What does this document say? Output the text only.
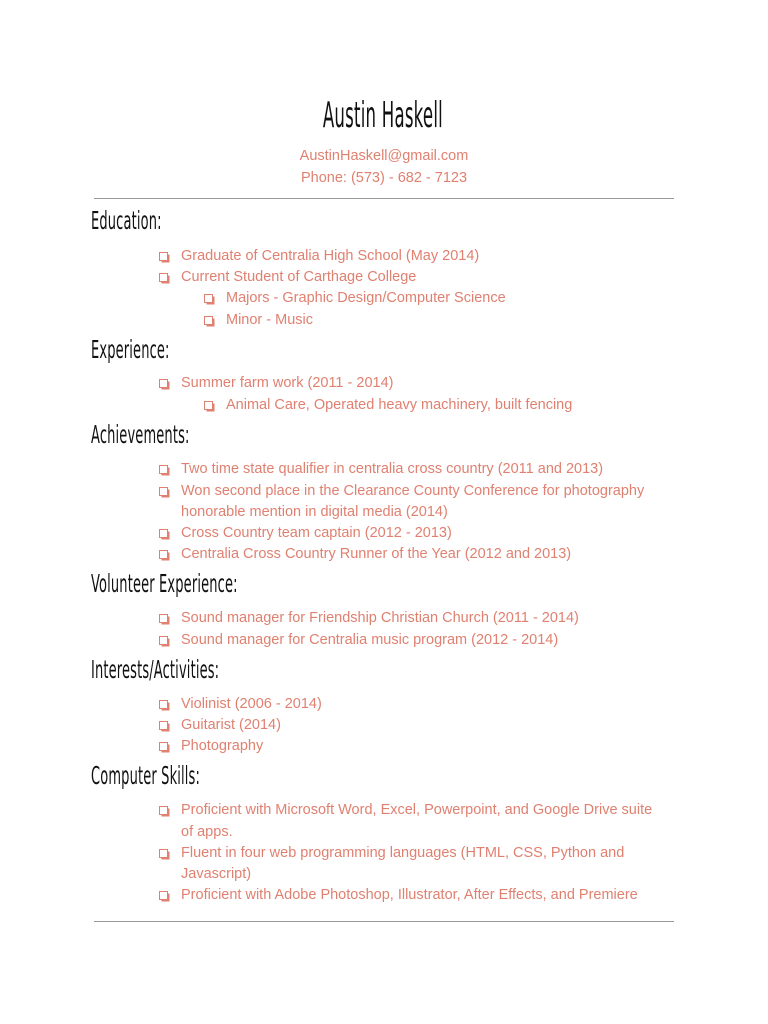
Austin Haskell
AustinHaskell@gmail.com
Phone: (573) - 682 - 7123
Education:
Graduate of Centralia High School (May 2014)
Current Student of Carthage College
Majors - Graphic Design/Computer Science
Minor - Music
Experience:
Summer farm work (2011 - 2014)
Animal Care, Operated heavy machinery, built fencing
Achievements:
Two time state qualifier in centralia cross country (2011 and 2013)
Won second place in the Clearance County Conference for photography
honorable mention in digital media (2014)
Cross Country team captain (2012 - 2013)
Centralia Cross Country Runner of the Year (2012 and 2013)
Volunteer Experience:
Sound manager for Friendship Christian Church (2011 - 2014)
Sound manager for Centralia music program (2012 - 2014)
Interests/Activities:
Violinist (2006 - 2014)
Guitarist (2014)
Photography
Computer Skills:
Proficient with Microsoft Word, Excel, Powerpoint, and Google Drive suite
of apps.
Fluent in four web programming languages (HTML, CSS, Python and
Javascript)
Proficient with Adobe Photoshop, Illustrator, After Effects, and Premiere
